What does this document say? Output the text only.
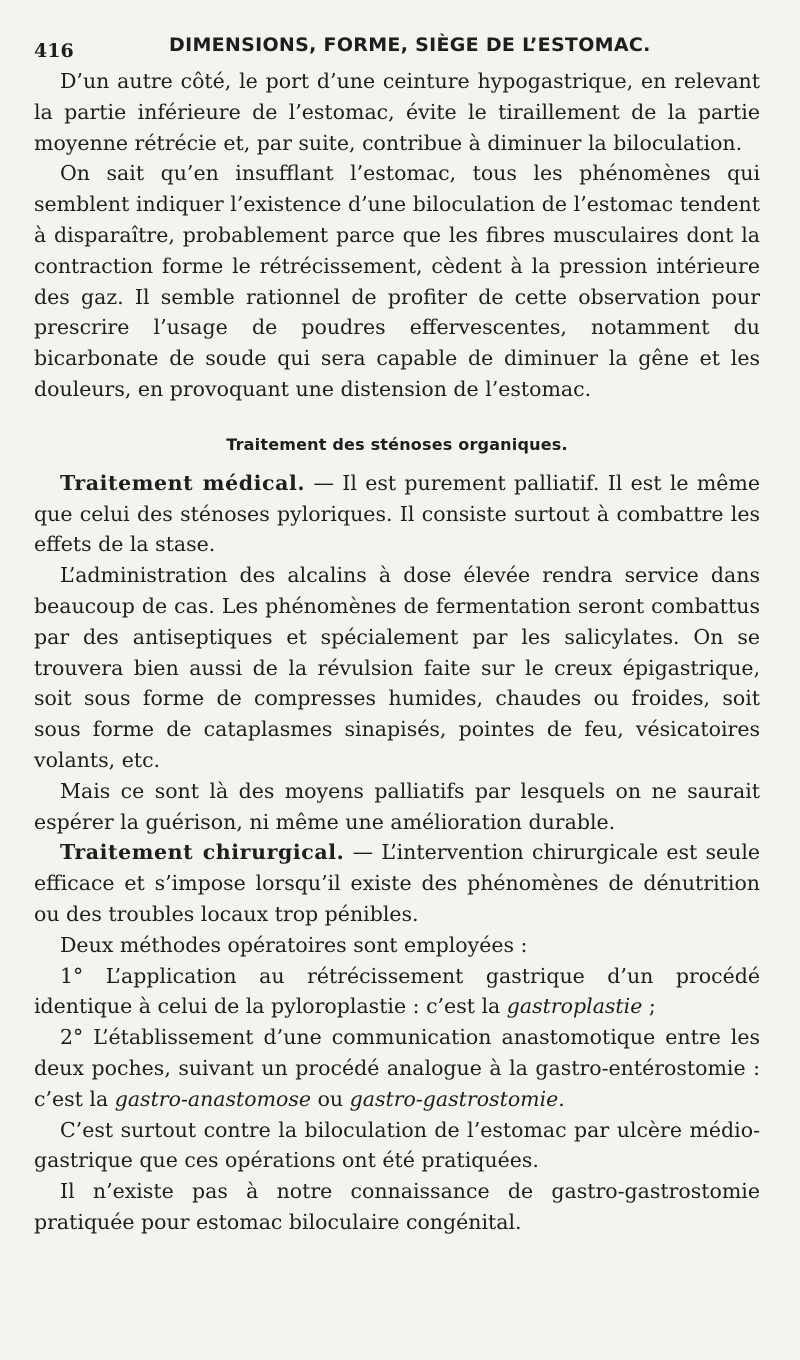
416	DIMENSIONS, FORME, SIÈGE DE L’ESTOMAC.

D’un autre côté, le port d’une ceinture hypogastrique, en relevant la partie inférieure de l’estomac, évite le tiraillement de la partie moyenne rétrécie et, par suite, contribue à diminuer la biloculation.

On sait qu’en insufflant l’estomac, tous les phénomènes qui semblent indiquer l’existence d’une biloculation de l’estomac tendent à disparaître, probablement parce que les fibres musculaires dont la contraction forme le rétrécissement, cèdent à la pression intérieure des gaz. Il semble rationnel de profiter de cette observation pour prescrire l’usage de poudres effervescentes, notamment du bicarbonate de soude qui sera capable de diminuer la gêne et les douleurs, en provoquant une distension de l’estomac.

Traitement des sténoses organiques.

Traitement médical. — Il est purement palliatif. Il est le même que celui des sténoses pyloriques. Il consiste surtout à combattre les effets de la stase.

L’administration des alcalins à dose élevée rendra service dans beaucoup de cas. Les phénomènes de fermentation seront combattus par des antiseptiques et spécialement par les salicylates. On se trouvera bien aussi de la révulsion faite sur le creux épigastrique, soit sous forme de compresses humides, chaudes ou froides, soit sous forme de cataplasmes sinapisés, pointes de feu, vésicatoires volants, etc.

Mais ce sont là des moyens palliatifs par lesquels on ne saurait espérer la guérison, ni même une amélioration durable.

Traitement chirurgical. — L’intervention chirurgicale est seule efficace et s’impose lorsqu’il existe des phénomènes de dénutrition ou des troubles locaux trop pénibles.

Deux méthodes opératoires sont employées :

1° L’application au rétrécissement gastrique d’un procédé identique à celui de la pyloroplastie : c’est la gastroplastie ;

2° L’établissement d’une communication anastomotique entre les deux poches, suivant un procédé analogue à la gastro-entérostomie : c’est la gastro-anastomose ou gastro-gastrostomie.

C’est surtout contre la biloculation de l’estomac par ulcère médio-gastrique que ces opérations ont été pratiquées.

Il n’existe pas à notre connaissance de gastro-gastrostomie pratiquée pour estomac biloculaire congénital.
